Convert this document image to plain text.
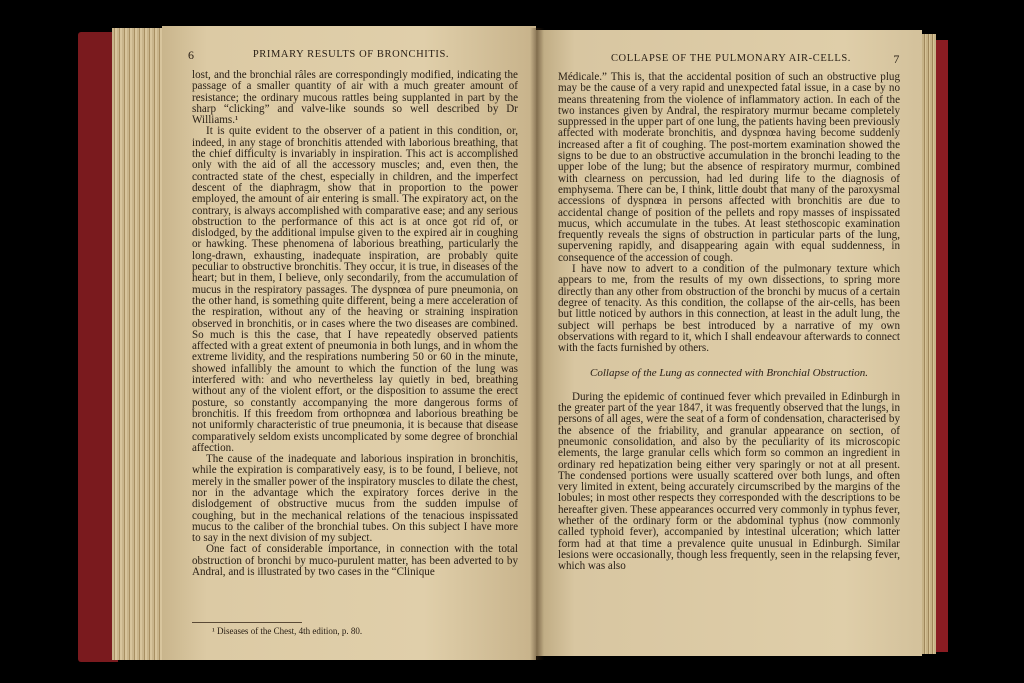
6	PRIMARY RESULTS OF BRONCHITIS.

lost, and the bronchial râles are correspondingly modified, indicating the passage of a smaller quantity of air with a much greater amount of resistance; the ordinary mucous rattles being supplanted in part by the sharp “clicking” and valve-like sounds so well described by Dr Williams.¹

It is quite evident to the observer of a patient in this condition, or, indeed, in any stage of bronchitis attended with laborious breathing, that the chief difficulty is invariably in inspiration. This act is accomplished only with the aid of all the accessory muscles; and, even then, the contracted state of the chest, especially in children, and the imperfect descent of the diaphragm, show that in proportion to the power employed, the amount of air entering is small. The expiratory act, on the contrary, is always accomplished with comparative ease; and any serious obstruction to the performance of this act is at once got rid of, or dislodged, by the additional impulse given to the expired air in coughing or hawking. These phenomena of laborious breathing, particularly the long-drawn, exhausting, inadequate inspiration, are probably quite peculiar to obstructive bronchitis. They occur, it is true, in diseases of the heart; but in them, I believe, only secondarily, from the accumulation of mucus in the respiratory passages. The dyspnœa of pure pneumonia, on the other hand, is something quite different, being a mere acceleration of the respiration, without any of the heaving or straining inspiration observed in bronchitis, or in cases where the two diseases are combined. So much is this the case, that I have repeatedly observed patients affected with a great extent of pneumonia in both lungs, and in whom the extreme lividity, and the respirations numbering 50 or 60 in the minute, showed infallibly the amount to which the function of the lung was interfered with: and who nevertheless lay quietly in bed, breathing without any of the violent effort, or the disposition to assume the erect posture, so constantly accompanying the more dangerous forms of bronchitis. If this freedom from orthopnœa and laborious breathing be not uniformly characteristic of true pneumonia, it is because that disease comparatively seldom exists uncomplicated by some degree of bronchial affection.

The cause of the inadequate and laborious inspiration in bronchitis, while the expiration is comparatively easy, is to be found, I believe, not merely in the smaller power of the inspiratory muscles to dilate the chest, nor in the advantage which the expiratory forces derive in the dislodgement of obstructive mucus from the sudden impulse of coughing, but in the mechanical relations of the tenacious inspissated mucus to the caliber of the bronchial tubes. On this subject I have more to say in the next division of my subject.

One fact of considerable importance, in connection with the total obstruction of bronchi by muco-purulent matter, has been adverted to by Andral, and is illustrated by two cases in the “Clinique

¹ Diseases of the Chest, 4th edition, p. 80.
COLLAPSE OF THE PULMONARY AIR-CELLS.	7

Médicale.” This is, that the accidental position of such an obstructive plug may be the cause of a very rapid and unexpected fatal issue, in a case by no means threatening from the violence of inflammatory action. In each of the two instances given by Andral, the respiratory murmur became completely suppressed in the upper part of one lung, the patients having been previously affected with moderate bronchitis, and dyspnœa having become suddenly increased after a fit of coughing. The post-mortem examination showed the signs to be due to an obstructive accumulation in the bronchi leading to the upper lobe of the lung; but the absence of respiratory murmur, combined with clearness on percussion, had led during life to the diagnosis of emphysema. There can be, I think, little doubt that many of the paroxysmal accessions of dyspnœa in persons affected with bronchitis are due to accidental change of position of the pellets and ropy masses of inspissated mucus, which accumulate in the tubes. At least stethoscopic examination frequently reveals the signs of obstruction in particular parts of the lung, supervening rapidly, and disappearing again with equal suddenness, in consequence of the accession of cough.

I have now to advert to a condition of the pulmonary texture which appears to me, from the results of my own dissections, to spring more directly than any other from obstruction of the bronchi by mucus of a certain degree of tenacity. As this condition, the collapse of the air-cells, has been but little noticed by authors in this connection, at least in the adult lung, the subject will perhaps be best introduced by a narrative of my own observations with regard to it, which I shall endeavour afterwards to connect with the facts furnished by others.

Collapse of the Lung as connected with Bronchial Obstruction.

During the epidemic of continued fever which prevailed in Edinburgh in the greater part of the year 1847, it was frequently observed that the lungs, in persons of all ages, were the seat of a form of condensation, characterised by the absence of the friability, and granular appearance on section, of pneumonic consolidation, and also by the peculiarity of its microscopic elements, the large granular cells which form so common an ingredient in ordinary red hepatization being either very sparingly or not at all present. The condensed portions were usually scattered over both lungs, and often very limited in extent, being accurately circumscribed by the margins of the lobules; in most other respects they corresponded with the descriptions to be hereafter given. These appearances occurred very commonly in typhus fever, whether of the ordinary form or the abdominal typhus (now commonly called typhoid fever), accompanied by intestinal ulceration; which latter form had at that time a prevalence quite unusual in Edinburgh. Similar lesions were occasionally, though less frequently, seen in the relapsing fever, which was also
